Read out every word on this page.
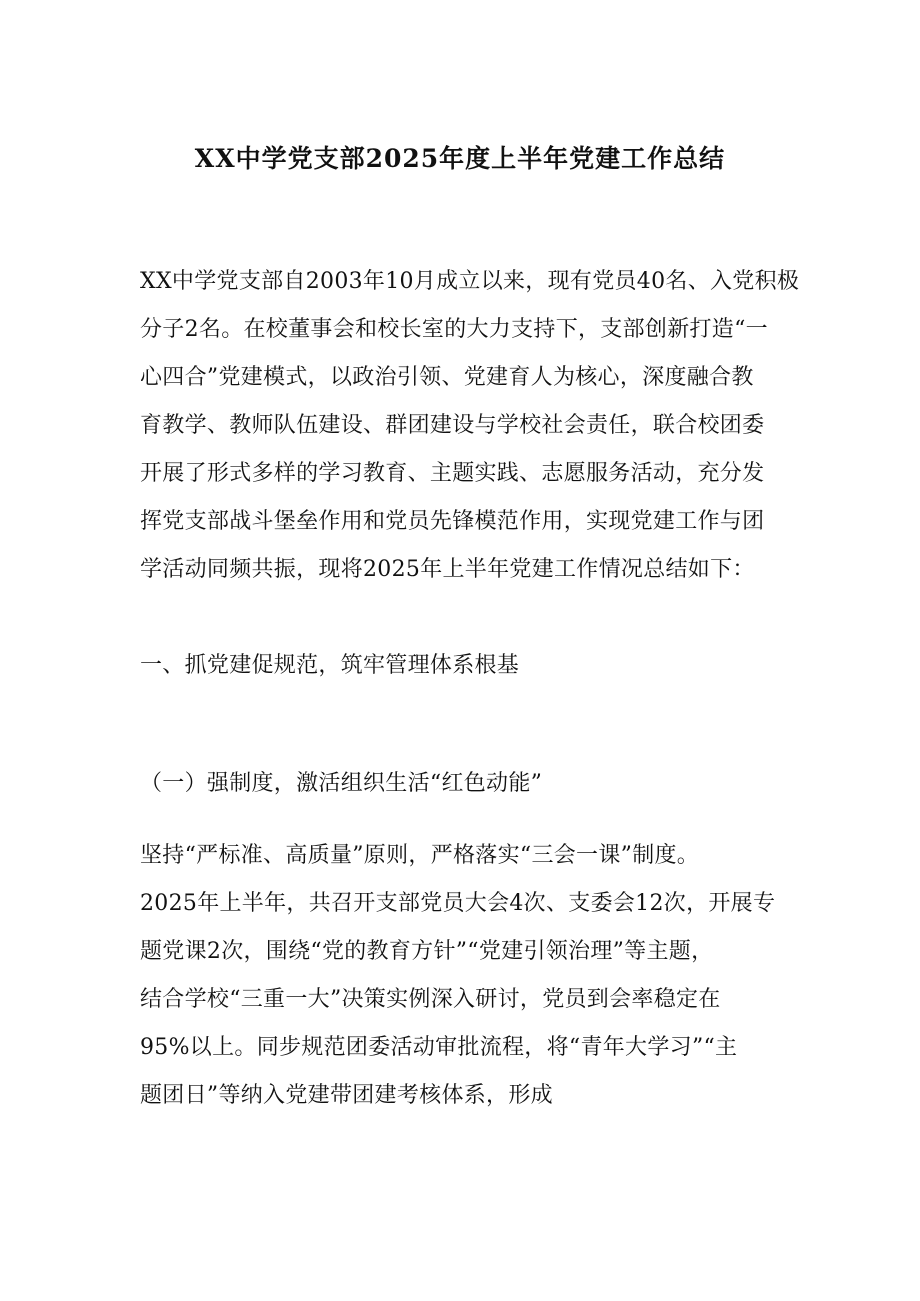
XX中学党支部2025年度上半年党建工作总结
XX中学党支部自2003年10月成立以来，现有党员40名、入党积极
分子2名。在校董事会和校长室的大力支持下，支部创新打造“一
心四合”党建模式，以政治引领、党建育人为核心，深度融合教
育教学、教师队伍建设、群团建设与学校社会责任，联合校团委
开展了形式多样的学习教育、主题实践、志愿服务活动，充分发
挥党支部战斗堡垒作用和党员先锋模范作用，实现党建工作与团
学活动同频共振，现将2025年上半年党建工作情况总结如下：
一、抓党建促规范，筑牢管理体系根基
（一）强制度，激活组织生活“红色动能”
坚持“严标准、高质量”原则，严格落实“三会一课”制度。
2025年上半年，共召开支部党员大会4次、支委会12次，开展专
题党课2次，围绕“党的教育方针”“党建引领治理”等主题，
结合学校“三重一大”决策实例深入研讨，党员到会率稳定在
95%以上。同步规范团委活动审批流程，将“青年大学习”“主
题团日”等纳入党建带团建考核体系，形成
